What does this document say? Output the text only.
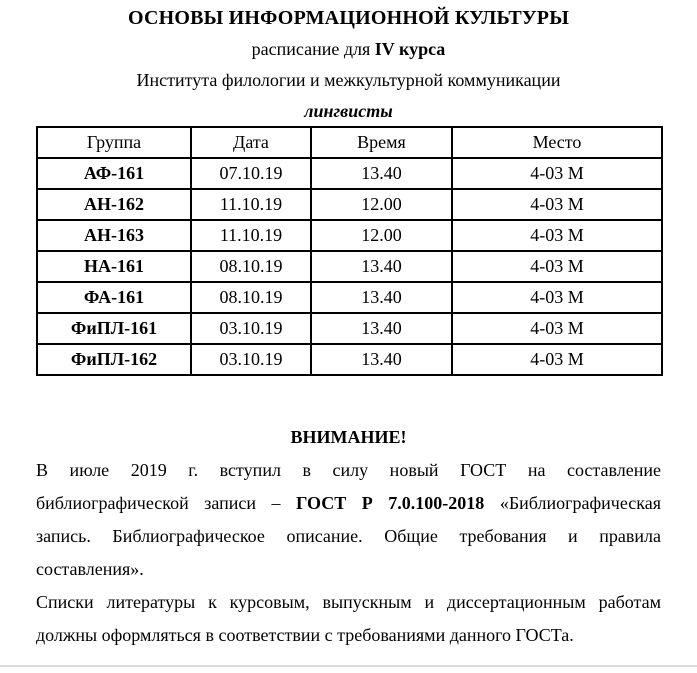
ОСНОВЫ ИНФОРМАЦИОННОЙ КУЛЬТУРЫ

расписание для IV курса

Института филологии и межкультурной коммуникации

лингвисты

Группа	Дата	Время	Место
АФ-161	07.10.19	13.40	4-03 М
АН-162	11.10.19	12.00	4-03 М
АН-163	11.10.19	12.00	4-03 М
НА-161	08.10.19	13.40	4-03 М
ФА-161	08.10.19	13.40	4-03 М
ФиПЛ-161	03.10.19	13.40	4-03 М
ФиПЛ-162	03.10.19	13.40	4-03 М

ВНИМАНИЕ!

В июле 2019 г. вступил в силу новый ГОСТ на составление
библиографической записи – ГОСТ Р 7.0.100-2018 «Библиографическая
запись. Библиографическое описание. Общие требования и правила
составления».
Списки литературы к курсовым, выпускным и диссертационным работам
должны оформляться в соответствии с требованиями данного ГОСТа.
